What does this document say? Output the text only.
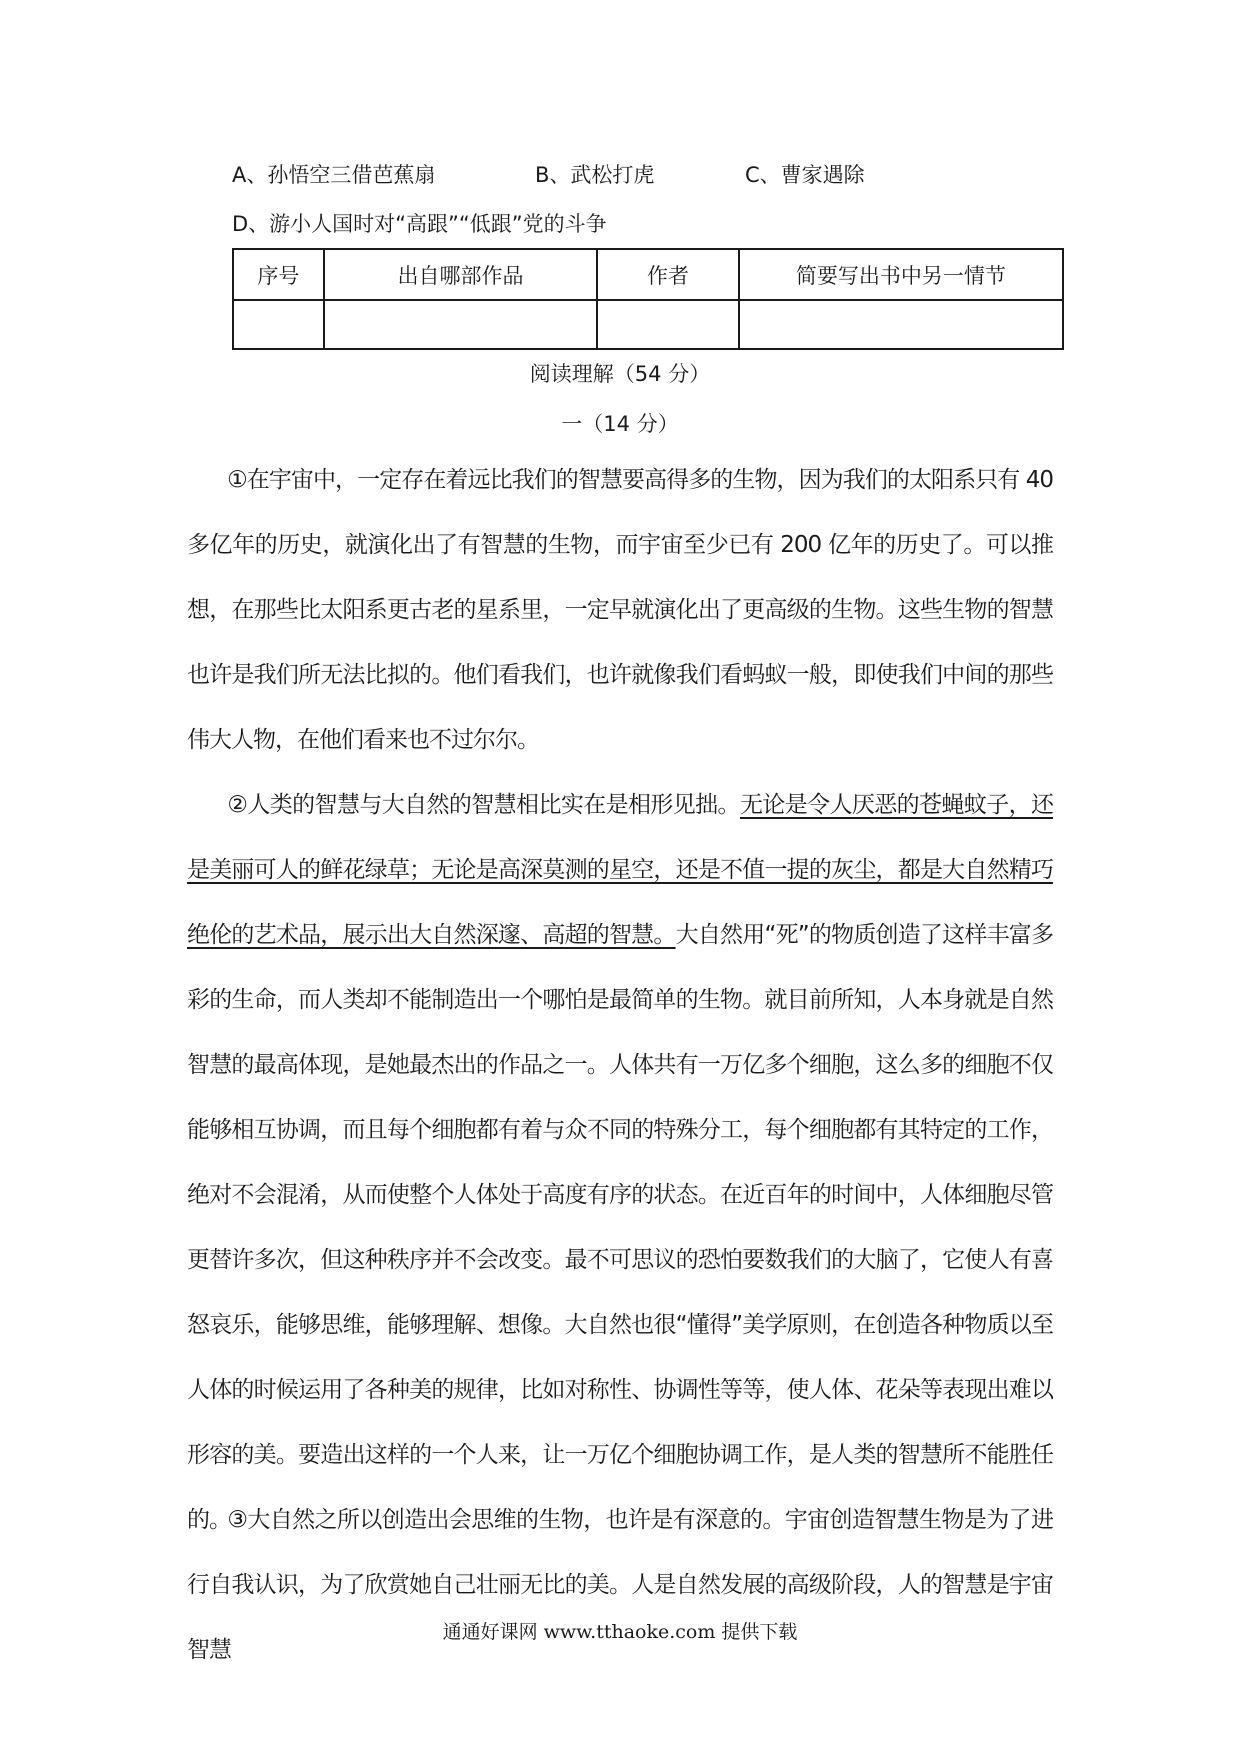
A、孙悟空三借芭蕉扇	B、武松打虎	C、曹家遇除
D、游小人国时对“高跟”“低跟”党的斗争
序号	出自哪部作品	作者	简要写出书中另一情节

阅读理解（54 分）
一（14 分）

①在宇宙中，一定存在着远比我们的智慧要高得多的生物，因为我们的太阳系只有 40 多亿年的历史，就演化出了有智慧的生物，而宇宙至少已有 200 亿年的历史了。可以推想，在那些比太阳系更古老的星系里，一定早就演化出了更高级的生物。这些生物的智慧也许是我们所无法比拟的。他们看我们，也许就像我们看蚂蚁一般，即使我们中间的那些伟大人物，在他们看来也不过尔尔。

②人类的智慧与大自然的智慧相比实在是相形见拙。无论是令人厌恶的苍蝇蚊子，还是美丽可人的鲜花绿草；无论是高深莫测的星空，还是不值一提的灰尘，都是大自然精巧绝伦的艺术品，展示出大自然深邃、高超的智慧。大自然用“死”的物质创造了这样丰富多彩的生命，而人类却不能制造出一个哪怕是最简单的生物。就目前所知，人本身就是自然智慧的最高体现，是她最杰出的作品之一。人体共有一万亿多个细胞，这么多的细胞不仅能够相互协调，而且每个细胞都有着与众不同的特殊分工，每个细胞都有其特定的工作，绝对不会混淆，从而使整个人体处于高度有序的状态。在近百年的时间中，人体细胞尽管更替许多次，但这种秩序并不会改变。最不可思议的恐怕要数我们的大脑了，它使人有喜怒哀乐，能够思维，能够理解、想像。大自然也很“懂得”美学原则，在创造各种物质以至人体的时候运用了各种美的规律，比如对称性、协调性等等，使人体、花朵等表现出难以形容的美。要造出这样的一个人来，让一万亿个细胞协调工作，是人类的智慧所不能胜任的。

③大自然之所以创造出会思维的生物，也许是有深意的。宇宙创造智慧生物是为了进行自我认识，为了欣赏她自己壮丽无比的美。人是自然发展的高级阶段，人的智慧是宇宙智慧

通通好课网 www.tthaoke.com 提供下载
